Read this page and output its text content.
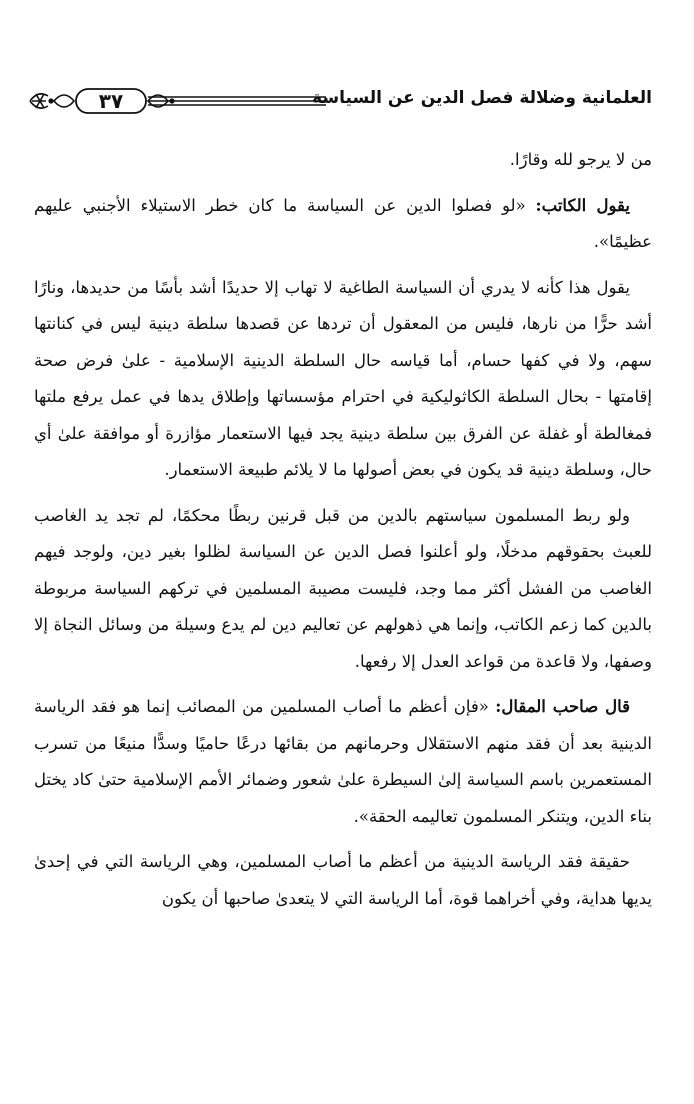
العلمانية وضلالة فصل الدين عن السياسة
٣٧

من لا يرجو لله وقارًا.

يقول الكاتب: «لو فصلوا الدين عن السياسة ما كان خطر الاستيلاء الأجنبي عليهم عظيمًا».

يقول هذا كأنه لا يدري أن السياسة الطاغية لا تهاب إلا حديدًا أشد بأسًا من حديدها، ونارًا أشد حرًّا من نارها، فليس من المعقول أن تردها عن قصدها سلطة دينية ليس في كنانتها سهم، ولا في كفها حسام، أما قياسه حال السلطة الدينية الإسلامية - علىٰ فرض صحة إقامتها - بحال السلطة الكاثوليكية في احترام مؤسساتها وإطلاق يدها في عمل يرفع ملتها فمغالطة أو غفلة عن الفرق بين سلطة دينية يجد فيها الاستعمار مؤازرة أو موافقة علىٰ أي حال، وسلطة دينية قد يكون في بعض أصولها ما لا يلائم طبيعة الاستعمار.

ولو ربط المسلمون سياستهم بالدين من قبل قرنين ربطًا محكمًا، لم تجد يد الغاصب للعبث بحقوقهم مدخلًا، ولو أعلنوا فصل الدين عن السياسة لظلوا بغير دين، ولوجد فيهم الغاصب من الفشل أكثر مما وجد، فليست مصيبة المسلمين في تركهم السياسة مربوطة بالدين كما زعم الكاتب، وإنما هي ذهولهم عن تعاليم دين لم يدع وسيلة من وسائل النجاة إلا وصفها، ولا قاعدة من قواعد العدل إلا رفعها.

قال صاحب المقال: «فإن أعظم ما أصاب المسلمين من المصائب إنما هو فقد الرياسة الدينية بعد أن فقد منهم الاستقلال وحرمانهم من بقائها درعًا حاميًا وسدًّا منيعًا من تسرب المستعمرين باسم السياسة إلىٰ السيطرة علىٰ شعور وضمائر الأمم الإسلامية حتىٰ كاد يختل بناء الدين، ويتنكر المسلمون تعاليمه الحقة».

حقيقة فقد الرياسة الدينية من أعظم ما أصاب المسلمين، وهي الرياسة التي في إحدىٰ يديها هداية، وفي أخراهما قوة، أما الرياسة التي لا يتعدىٰ صاحبها أن يكون
